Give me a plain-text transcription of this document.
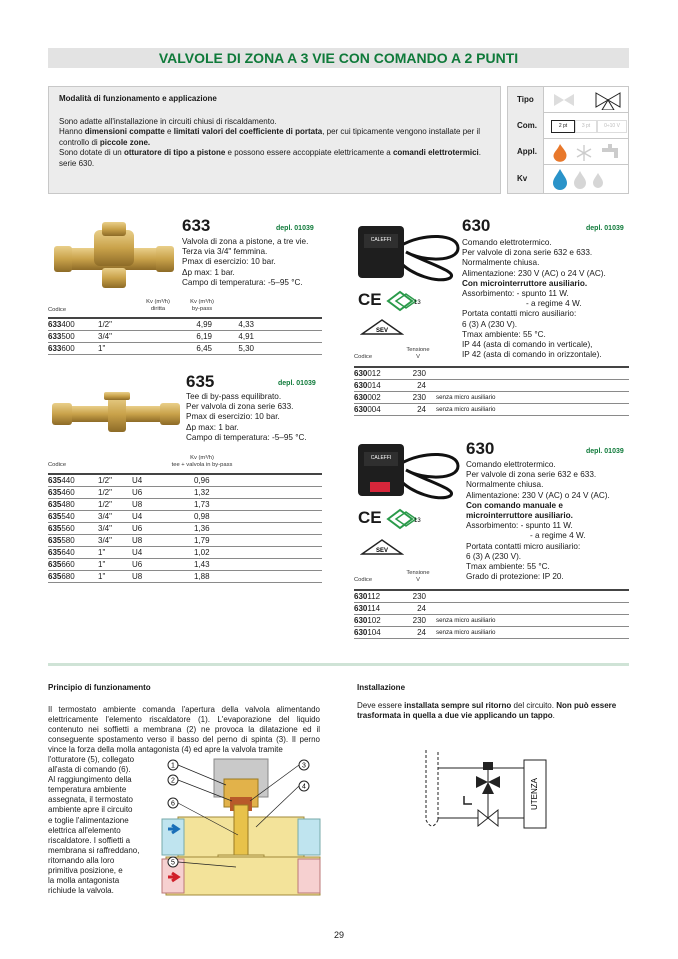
VALVOLE DI ZONA A 3 VIE CON COMANDO A 2 PUNTI
Modalità di funzionamento e applicazione

Sono adatte all'installazione in circuiti chiusi di riscaldamento.

Hanno dimensioni compatte e limitati valori del coefficiente di portata, per cui tipicamente vengono installate per il controllo di piccole zone.

Sono dotate di un otturatore di tipo a pistone e possono essere accoppiate elettricamente a comandi elettrotermici. serie 630.

Tipo
Com.	2 pt	3 pt	0÷10 V
Appl.
Kv
633	depl. 01039
Valvola di zona a pistone, a tre vie.
Terza via 3/4" femmina.
Pmax di esercizio: 10 bar.
Δp max: 1 bar.
Campo di temperatura: -5–95 °C.
Codice
Kv (m³/h)
diritta
Kv (m³/h)
by-pass
633400	1/2"	4,99	4,33
633500	3/4"	6,19	4,91
633600	1"	6,45	5,30
635	depl. 01039
Tee di by-pass equilibrato.
Per valvola di zona serie 633.
Pmax di esercizio: 10 bar.
Δp max: 1 bar.
Campo di temperatura: -5–95 °C.
Codice
Kv (m³/h)
tee + valvola in by-pass
635440	1/2"	U4	0,96
635460	1/2"	U6	1,32
635480	1/2"	U8	1,73
635540	3/4"	U4	0,98
635560	3/4"	U6	1,36
635580	3/4"	U8	1,79
635640	1"	U4	1,02
635660	1"	U6	1,43
635680	1"	U8	1,88
CALEFFI
CE	13
SEV
630	depl. 01039
Comando elettrotermico.
Per valvole di zona serie 632 e 633.
Normalmente chiusa.
Alimentazione: 230 V (AC) o 24 V (AC).
Con microinterruttore ausiliario.
Assorbimento: - spunto 11 W.
- a regime 4 W.
Portata contatti micro ausiliario:
6 (3) A (230 V).
Tmax ambiente: 55 °C.
IP 44 (asta di comando in verticale),
IP 42 (asta di comando in orizzontale).
Codice
Tensione
V
630012	230
630014	24
630002	230 senza micro ausiliario
630004	24 senza micro ausiliario
CALEFFI
CE	13
SEV
630	depl. 01039
Comando elettrotermico.
Per valvole di zona serie 632 e 633.
Normalmente chiusa.
Alimentazione: 230 V (AC) o 24 V (AC).
Con comando manuale e
microinterruttore ausiliario.
Assorbimento: - spunto 11 W.
- a regime 4 W.
Portata contatti micro ausiliario:
6 (3) A (230 V).
Tmax ambiente: 55 °C.
Grado di protezione: IP 20.
Codice
Tensione
V
630112	230
630114	24
630102	230 senza micro ausiliario
630104	24 senza micro ausiliario
Principio di funzionamento
Il termostato ambiente comanda l'apertura della valvola alimentando elettricamente l'elemento riscaldatore (1). L'evaporazione del liquido contenuto nei soffietti a membrana (2) ne provoca la dilatazione ed il conseguente spostamento verso il basso del perno di spinta (3). Il perno vince la forza della molla antagonista (4) ed apre la valvola tramite
l'otturatore (5), collegato
all'asta di comando (6).
Al raggiungimento della
temperatura ambiente
assegnata, il termostato
ambiente apre il circuito
e toglie l'alimentazione
elettrica all'elemento
riscaldatore. I soffietti a
membrana si raffreddano,
ritornando alla loro
primitiva posizione, e
la molla antagonista
richiude la valvola.
1
2
6
5
3
4
Installazione
Deve essere installata sempre sul ritorno del circuito. Non può essere trasformata in quella a due vie applicando un tappo.
UTENZA
29
